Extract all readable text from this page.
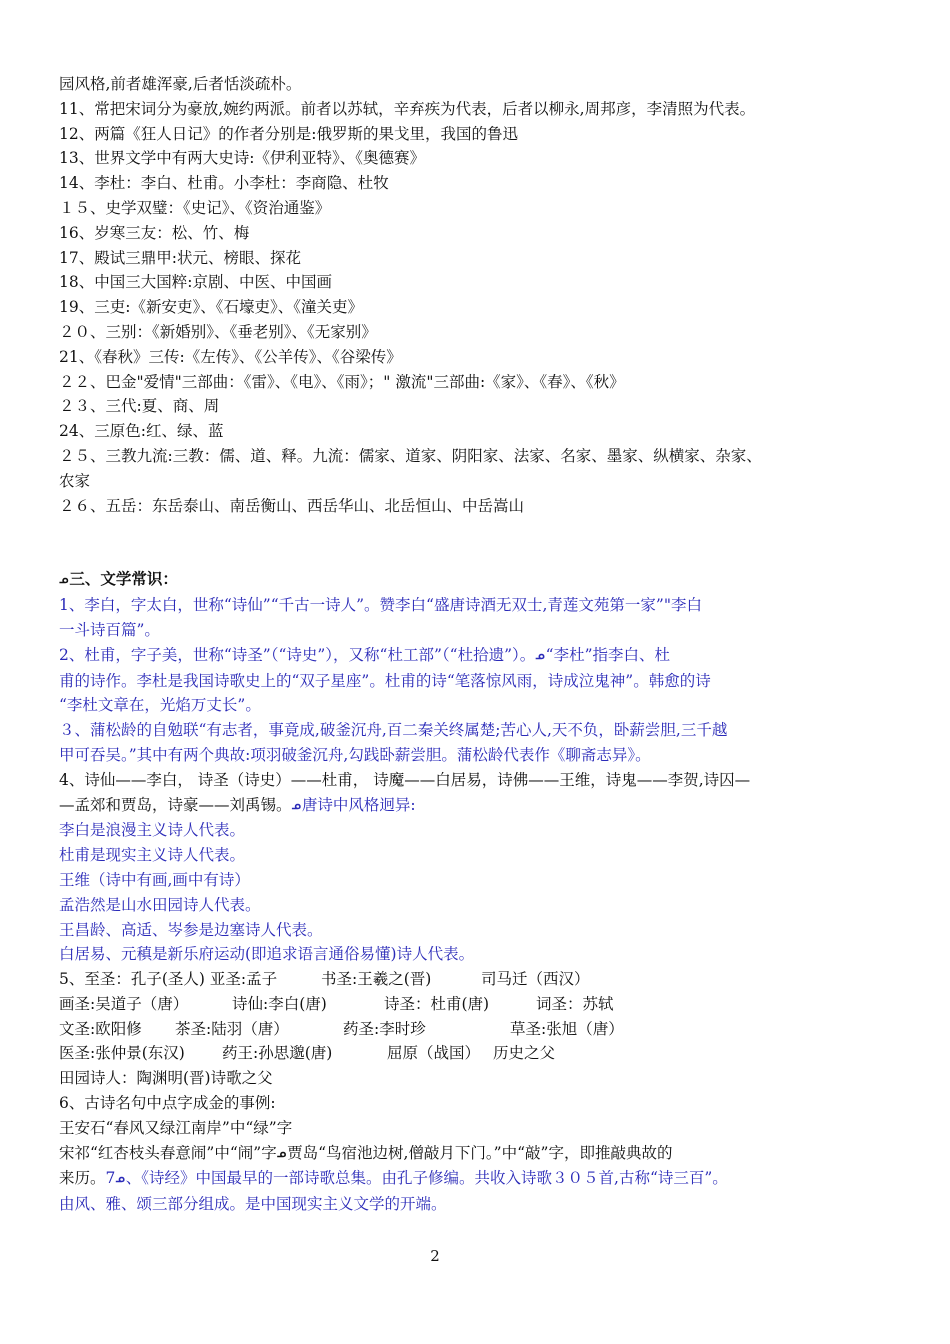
园风格,前者雄浑豪,后者恬淡疏朴。
11、常把宋词分为豪放,婉约两派。前者以苏轼，辛弃疾为代表，后者以柳永,周邦彦，李清照为代表。
12、两篇《狂人日记》的作者分别是:俄罗斯的果戈里，我国的鲁迅
13、世界文学中有两大史诗:《伊利亚特》、《奥德赛》
14、李杜：李白、杜甫。小李杜：李商隐、杜牧
１５、史学双璧：《史记》、《资治通鉴》
16、岁寒三友：松、竹、梅
17、殿试三鼎甲:状元、榜眼、探花
18、中国三大国粹:京剧、中医、中国画
19、三吏:《新安吏》、《石壕吏》、《潼关吏》
２０、三别：《新婚别》、《垂老别》、《无家别》
21、《春秋》三传:《左传》、《公羊传》、《谷梁传》
２２、巴金"爱情"三部曲：《雷》、《电》、《雨》；" 激流"三部曲:《家》、《春》、《秋》
２３、三代:夏、商、周
24、三原色:红、绿、蓝
２５、三教九流:三教：儒、道、释。九流：儒家、道家、阴阳家、法家、名家、墨家、纵横家、杂家、
农家
２６、五岳：东岳泰山、南岳衡山、西岳华山、北岳恒山、中岳嵩山
ᓄ三、文学常识：
1、李白，字太白，世称“诗仙”“千古一诗人”。赞李白“盛唐诗酒无双士,青莲文苑第一家”"李白
一斗诗百篇”。
2、杜甫，字子美，世称“诗圣”（“诗史”），又称“杜工部”（“杜拾遗”）。ᓄ“李杜”指李白、杜
甫的诗作。李杜是我国诗歌史上的“双子星座”。杜甫的诗“笔落惊风雨，诗成泣鬼神”。韩愈的诗
“李杜文章在，光焰万丈长”。
３、蒲松龄的自勉联“有志者，事竟成,破釜沉舟,百二秦关终属楚;苦心人,天不负，卧薪尝胆,三千越
甲可吞吴。”其中有两个典故:项羽破釜沉舟,勾践卧薪尝胆。蒲松龄代表作《聊斋志异》。
4、诗仙——李白， 诗圣（诗史）——杜甫， 诗魔——白居易，诗佛——王维，诗鬼——李贺,诗囚—
—孟郊和贾岛，诗豪——刘禹锡。ᓄ唐诗中风格迥异:
李白是浪漫主义诗人代表。
杜甫是现实主义诗人代表。
王维（诗中有画,画中有诗）
孟浩然是山水田园诗人代表。
王昌龄、高适、岑参是边塞诗人代表。
白居易、元稹是新乐府运动(即追求语言通俗易懂)诗人代表。
5、至圣：孔子(圣人) 亚圣:孟子	书圣:王羲之(晋)	司马迁（西汉）
画圣:吴道子（唐）	诗仙:李白(唐)	诗圣：杜甫(唐)	词圣：苏轼
文圣:欧阳修 茶圣:陆羽（唐）	药圣:李时珍	草圣:张旭（唐）
医圣:张仲景(东汉) 药王:孙思邈(唐)	屈原（战国） 历史之父
田园诗人：陶渊明(晋)诗歌之父
6、古诗名句中点字成金的事例:
王安石“春风又绿江南岸”中“绿”字
宋祁“红杏枝头春意闹”中“闹”字ᓄ贾岛“鸟宿池边树,僧敲月下门。”中“敲”字，即推敲典故的
来历。7ᓄ、《诗经》中国最早的一部诗歌总集。由孔子修编。共收入诗歌３０５首,古称“诗三百”。
由风、雅、颂三部分组成。是中国现实主义文学的开端。
2
